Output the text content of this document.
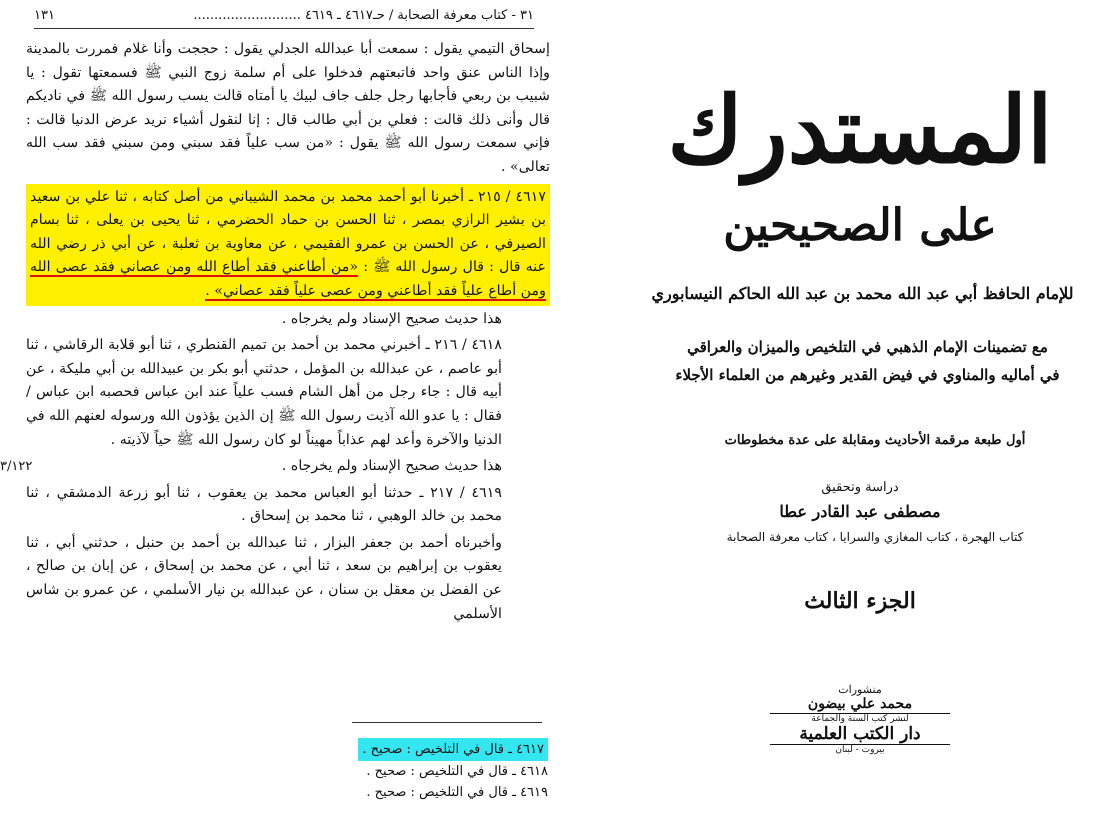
٣١ - كتاب معرفة الصحابة / حـ٤٦١٧ ـ ٤٦١٩ ..........................
١٣١

إسحاق التيمي يقول : سمعت أبا عبدالله الجدلي يقول : حججت وأنا غلام فمررت بالمدينة وإذا الناس عنق واحد فاتبعتهم فدخلوا على أم سلمة زوج النبي ﷺ فسمعتها تقول : يا شبيب بن ربعي فأجابها رجل جلف جاف لبيك يا أمتاه قالت يسب رسول الله ﷺ في ناديكم قال وأنى ذلك قالت : فعلي بن أبي طالب قال : إنا لنقول أشياء نريد عرض الدنيا قالت : فإني سمعت رسول الله ﷺ يقول : «من سب علياً فقد سبني ومن سبني فقد سب الله تعالى» .

٤٦١٧ / ٢١٥ ـ أخبرنا أبو أحمد محمد بن محمد الشيباني من أصل كتابه ، ثنا علي بن سعيد بن بشير الرازي بمصر ، ثنا الحسن بن حماد الحضرمي ، ثنا يحيى بن يعلى ، ثنا بسام الصيرفي ، عن الحسن بن عمرو الفقيمي ، عن معاوية بن ثعلبة ، عن أبي ذر رضي الله عنه قال : قال رسول الله ﷺ : «من أطاعني فقد أطاع الله ومن عصاني فقد عصى الله ومن أطاع علياً فقد أطاعني ومن عصى علياً فقد عصاني» .

هذا حديث صحيح الإسناد ولم يخرجاه .

٤٦١٨ / ٢١٦ ـ أخبرني محمد بن أحمد بن تميم القنطري ، ثنا أبو قلابة الرقاشي ، ثنا أبو عاصم ، عن عبدالله بن المؤمل ، حدثني أبو بكر بن عبيدالله بن أبي مليكة ، عن أبيه قال : جاء رجل من أهل الشام فسب علياً عند ابن عباس فحصبه ابن عباس / فقال : يا عدو الله آذيت رسول الله ﷺ إن الذين يؤذون الله ورسوله لعنهم الله في الدنيا والآخرة وأعد لهم عذاباً مهيناً لو كان رسول الله ﷺ حياً لآذيته .

هذا حديث صحيح الإسناد ولم يخرجاه .

٤٦١٩ / ٢١٧ ـ حدثنا أبو العباس محمد بن يعقوب ، ثنا أبو زرعة الدمشقي ، ثنا محمد بن خالد الوهبي ، ثنا محمد بن إسحاق .

وأخبرناه أحمد بن جعفر البزار ، ثنا عبدالله بن أحمد بن حنبل ، حدثني أبي ، ثنا يعقوب بن إبراهيم بن سعد ، ثنا أبي ، عن محمد بن إسحاق ، عن إبان بن صالح ، عن الفضل بن معقل بن سنان ، عن عبدالله بن نيار الأسلمي ، عن عمرو بن شاس الأسلمي

٣/١٢٢
٤٦١٧ ـ قال في التلخيص : صحيح .
٤٦١٨ ـ قال في التلخيص : صحيح .
٤٦١٩ ـ قال في التلخيص : صحيح .
المستدرك
على الصحيحين
للإمام الحافظ أبي عبد الله محمد بن عبد الله الحاكم النيسابوري
مع تضمينات الإمام الذهبي في التلخيص والميزان والعراقي
في أماليه والمناوي في فيض القدير وغيرهم من العلماء الأجلاء
أول طبعة مرقمة الأحاديث ومقابلة على عدة مخطوطات
دراسة وتحقيق
مصطفى عبد القادر عطا
كتاب الهجرة ، كتاب المغازي والسرايا ، كتاب معرفة الصحابة
الجزء الثالث
منشورات
محمد علي بيضون
لنشر كتب السنة والجماعة
دار الكتب العلمية
بيروت - لبنان
